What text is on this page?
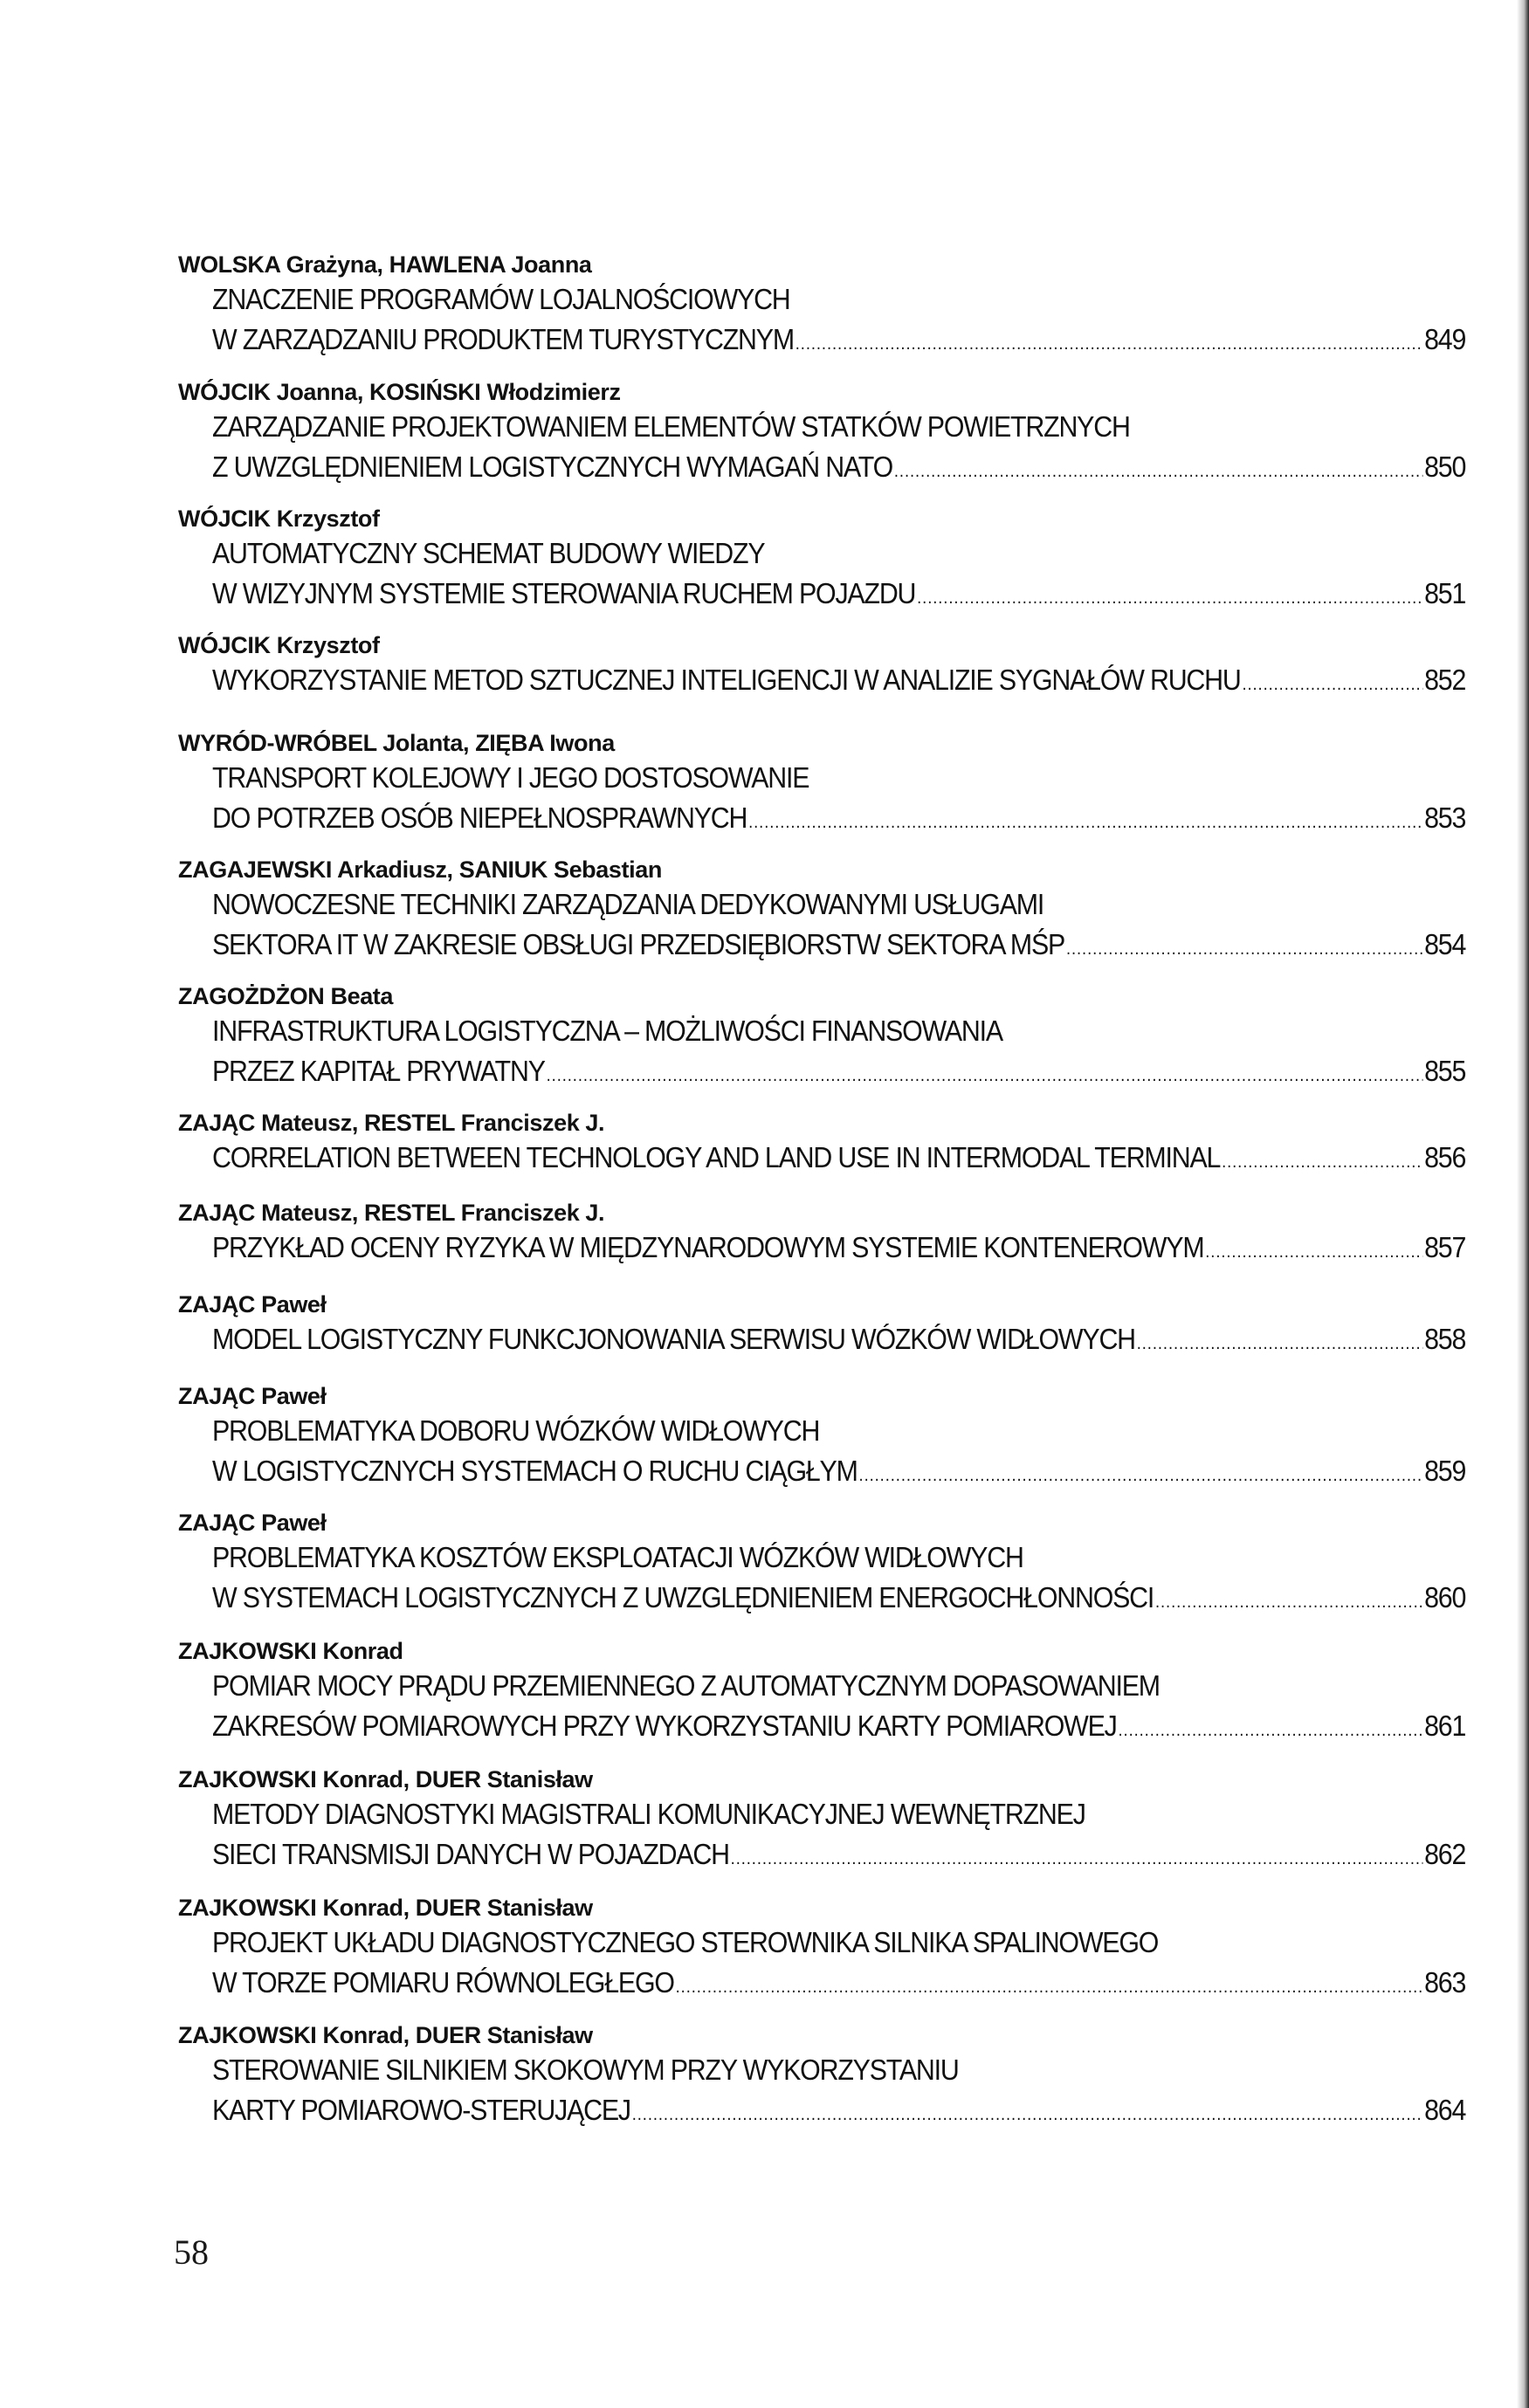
WOLSKA Grażyna, HAWLENA Joanna
ZNACZENIE PROGRAMÓW LOJALNOŚCIOWYCH
W ZARZĄDZANIU PRODUKTEM TURYSTYCZNYM .....	849
WÓJCIK Joanna, KOSIŃSKI Włodzimierz
ZARZĄDZANIE PROJEKTOWANIEM ELEMENTÓW STATKÓW POWIETRZNYCH
Z UWZGLĘDNIENIEM LOGISTYCZNYCH WYMAGAŃ NATO .....	850
WÓJCIK Krzysztof
AUTOMATYCZNY SCHEMAT BUDOWY WIEDZY
W WIZYJNYM SYSTEMIE STEROWANIA RUCHEM POJAZDU .....	851
WÓJCIK Krzysztof
WYKORZYSTANIE METOD SZTUCZNEJ INTELIGENCJI W ANALIZIE SYGNAŁÓW RUCHU .....	852
WYRÓD-WRÓBEL Jolanta, ZIĘBA Iwona
TRANSPORT KOLEJOWY I JEGO DOSTOSOWANIE
DO POTRZEB OSÓB NIEPEŁNOSPRAWNYCH .....	853
ZAGAJEWSKI Arkadiusz, SANIUK Sebastian
NOWOCZESNE TECHNIKI ZARZĄDZANIA DEDYKOWANYMI USŁUGAMI
SEKTORA IT W ZAKRESIE OBSŁUGI PRZEDSIĘBIORSTW SEKTORA MŚP .....	854
ZAGOŻDŻON Beata
INFRASTRUKTURA LOGISTYCZNA – MOŻLIWOŚCI FINANSOWANIA
PRZEZ KAPITAŁ PRYWATNY .....	855
ZAJĄC Mateusz, RESTEL Franciszek J.
CORRELATION BETWEEN TECHNOLOGY AND LAND USE IN INTERMODAL TERMINAL .....	856
ZAJĄC Mateusz, RESTEL Franciszek J.
PRZYKŁAD OCENY RYZYKA W MIĘDZYNARODOWYM SYSTEMIE KONTENEROWYM .....	857
ZAJĄC Paweł
MODEL LOGISTYCZNY FUNKCJONOWANIA SERWISU WÓZKÓW WIDŁOWYCH .....	858
ZAJĄC Paweł
PROBLEMATYKA DOBORU WÓZKÓW WIDŁOWYCH
W LOGISTYCZNYCH SYSTEMACH O RUCHU CIĄGŁYM .....	859
ZAJĄC Paweł
PROBLEMATYKA KOSZTÓW EKSPLOATACJI WÓZKÓW WIDŁOWYCH
W SYSTEMACH LOGISTYCZNYCH Z UWZGLĘDNIENIEM ENERGOCHŁONNOŚCI .....	860
ZAJKOWSKI Konrad
POMIAR MOCY PRĄDU PRZEMIENNEGO Z AUTOMATYCZNYM DOPASOWANIEM
ZAKRESÓW POMIAROWYCH PRZY WYKORZYSTANIU KARTY POMIAROWEJ .....	861
ZAJKOWSKI Konrad, DUER Stanisław
METODY DIAGNOSTYKI MAGISTRALI KOMUNIKACYJNEJ WEWNĘTRZNEJ
SIECI TRANSMISJI DANYCH W POJAZDACH .....	862
ZAJKOWSKI Konrad, DUER Stanisław
PROJEKT UKŁADU DIAGNOSTYCZNEGO STEROWNIKA SILNIKA SPALINOWEGO
W TORZE POMIARU RÓWNOLEGŁEGO .....	863
ZAJKOWSKI Konrad, DUER Stanisław
STEROWANIE SILNIKIEM SKOKOWYM PRZY WYKORZYSTANIU
KARTY POMIAROWO-STERUJĄCEJ .....	864
58
